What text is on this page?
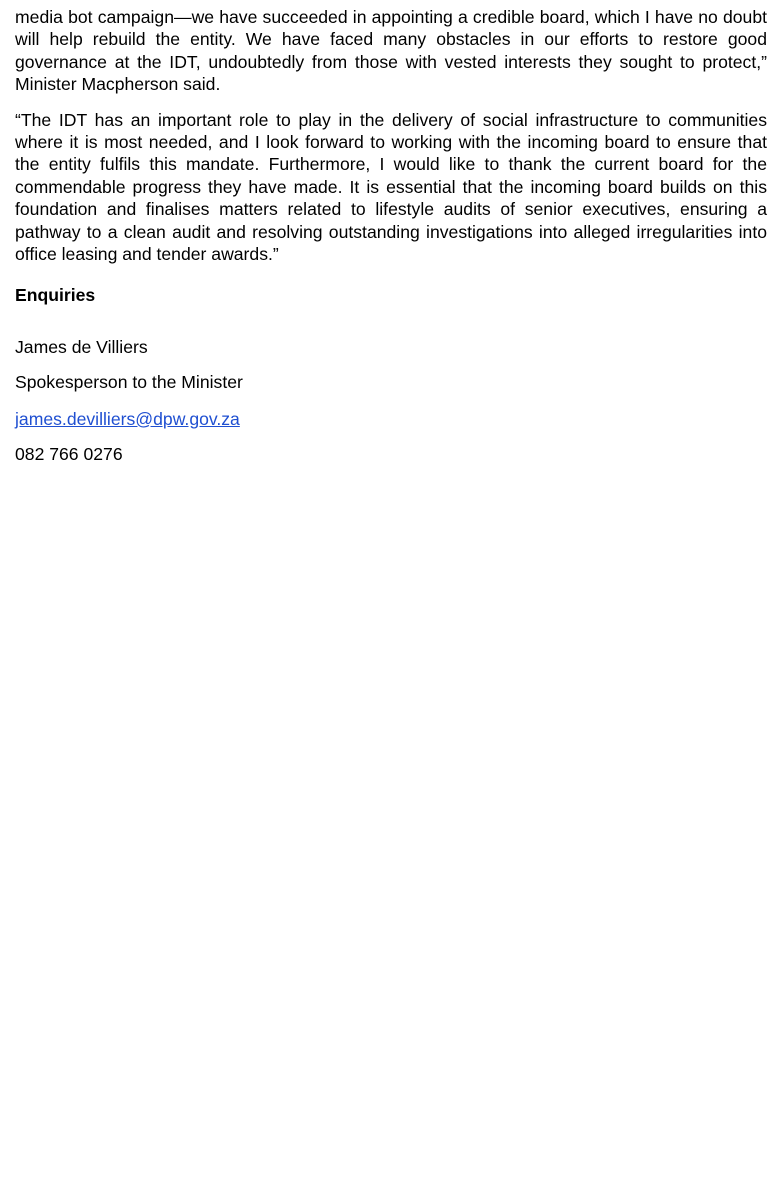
media bot campaign—we have succeeded in appointing a credible board, which I have no doubt will help rebuild the entity. We have faced many obstacles in our efforts to restore good governance at the IDT, undoubtedly from those with vested interests they sought to protect,” Minister Macpherson said.

“The IDT has an important role to play in the delivery of social infrastructure to communities where it is most needed, and I look forward to working with the incoming board to ensure that the entity fulfils this mandate. Furthermore, I would like to thank the current board for the commendable progress they have made. It is essential that the incoming board builds on this foundation and finalises matters related to lifestyle audits of senior executives, ensuring a pathway to a clean audit and resolving outstanding investigations into alleged irregularities into office leasing and tender awards.”

Enquiries
James de Villiers
Spokesperson to the Minister
james.devilliers@dpw.gov.za
082 766 0276
